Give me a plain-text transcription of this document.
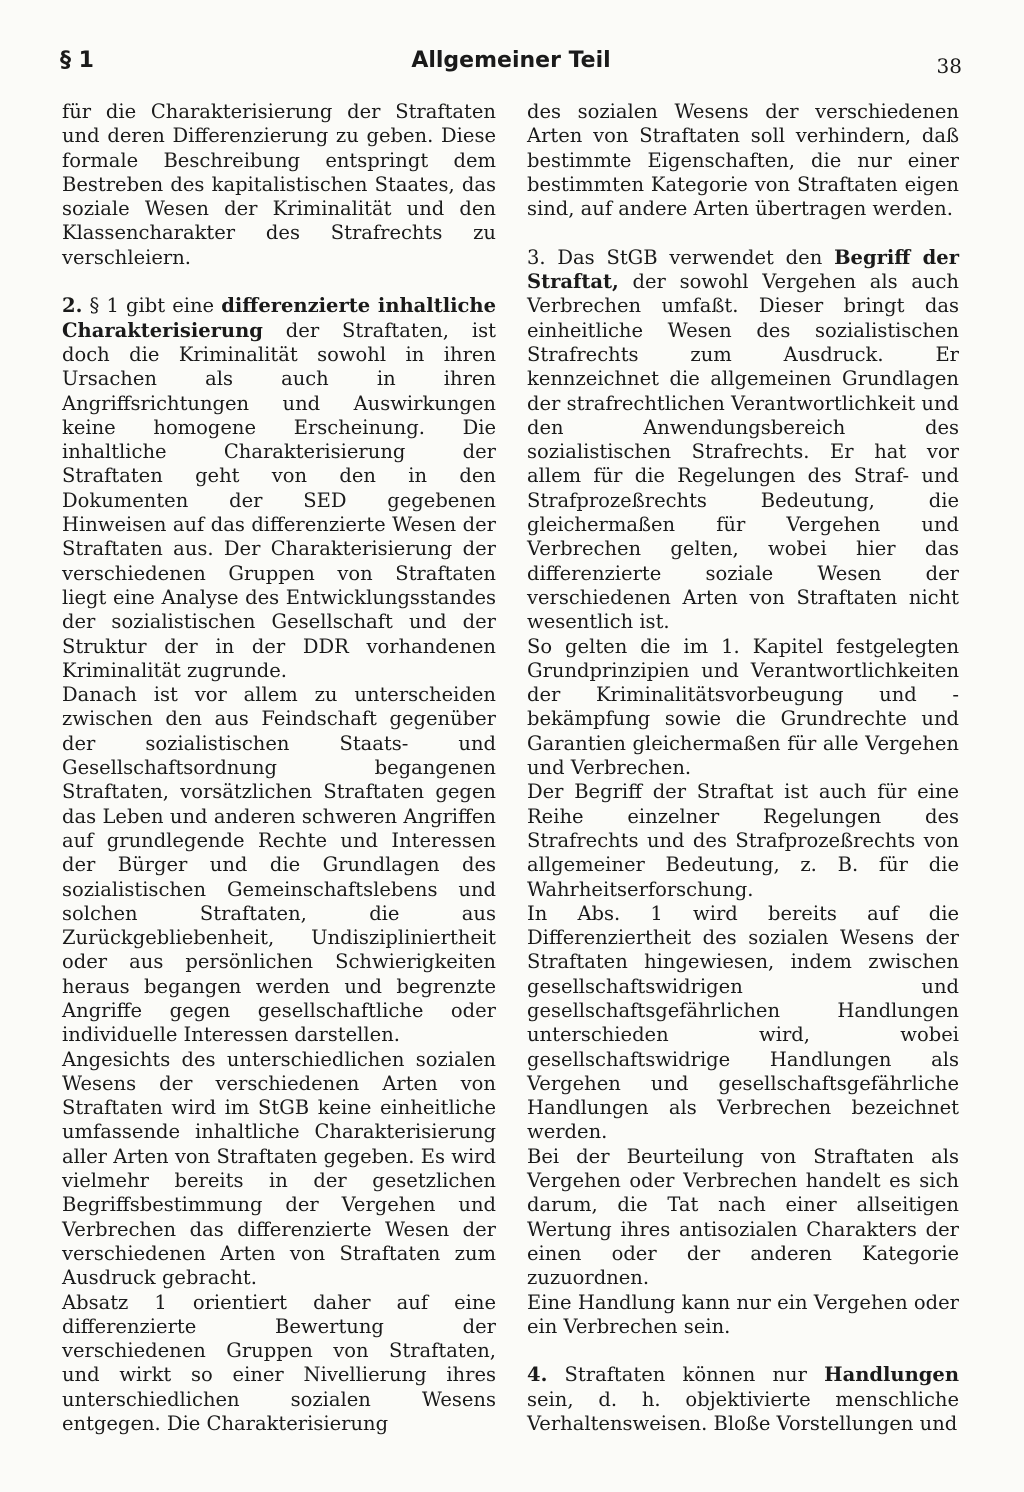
§ 1	Allgemeiner Teil	38

für die Charakterisierung der Straftaten und deren Differenzierung zu geben. Diese formale Beschreibung entspringt dem Bestreben des kapitalistischen Staates, das soziale Wesen der Kriminalität und den Klassencharakter des Strafrechts zu verschleiern.

2. § 1 gibt eine differenzierte inhaltliche Charakterisierung der Straftaten, ist doch die Kriminalität sowohl in ihren Ursachen als auch in ihren Angriffsrichtungen und Auswirkungen keine homogene Erscheinung. Die inhaltliche Charakterisierung der Straftaten geht von den in den Dokumenten der SED gegebenen Hinweisen auf das differenzierte Wesen der Straftaten aus. Der Charakterisierung der verschiedenen Gruppen von Straftaten liegt eine Analyse des Entwicklungsstandes der sozialistischen Gesellschaft und der Struktur der in der DDR vorhandenen Kriminalität zugrunde.

Danach ist vor allem zu unterscheiden zwischen den aus Feindschaft gegenüber der sozialistischen Staats- und Gesellschaftsordnung begangenen Straftaten, vorsätzlichen Straftaten gegen das Leben und anderen schweren Angriffen auf grundlegende Rechte und Interessen der Bürger und die Grundlagen des sozialistischen Gemeinschaftslebens und solchen Straftaten, die aus Zurückgebliebenheit, Undiszipliniertheit oder aus persönlichen Schwierigkeiten heraus begangen werden und begrenzte Angriffe gegen gesellschaftliche oder individuelle Interessen darstellen.

Angesichts des unterschiedlichen sozialen Wesens der verschiedenen Arten von Straftaten wird im StGB keine einheitliche umfassende inhaltliche Charakterisierung aller Arten von Straftaten gegeben. Es wird vielmehr bereits in der gesetzlichen Begriffsbestimmung der Vergehen und Verbrechen das differenzierte Wesen der verschiedenen Arten von Straftaten zum Ausdruck gebracht.

Absatz 1 orientiert daher auf eine differenzierte Bewertung der verschiedenen Gruppen von Straftaten, und wirkt so einer Nivellierung ihres unterschiedlichen sozialen Wesens entgegen. Die Charakterisierung

des sozialen Wesens der verschiedenen Arten von Straftaten soll verhindern, daß bestimmte Eigenschaften, die nur einer bestimmten Kategorie von Straftaten eigen sind, auf andere Arten übertragen werden.

3. Das StGB verwendet den Begriff der Straftat, der sowohl Vergehen als auch Verbrechen umfaßt. Dieser bringt das einheitliche Wesen des sozialistischen Strafrechts zum Ausdruck. Er kennzeichnet die allgemeinen Grundlagen der strafrechtlichen Verantwortlichkeit und den Anwendungsbereich des sozialistischen Strafrechts. Er hat vor allem für die Regelungen des Straf- und Strafprozeßrechts Bedeutung, die gleichermaßen für Vergehen und Verbrechen gelten, wobei hier das differenzierte soziale Wesen der verschiedenen Arten von Straftaten nicht wesentlich ist.

So gelten die im 1. Kapitel festgelegten Grundprinzipien und Verantwortlichkeiten der Kriminalitätsvorbeugung und -bekämpfung sowie die Grundrechte und Garantien gleichermaßen für alle Vergehen und Verbrechen.

Der Begriff der Straftat ist auch für eine Reihe einzelner Regelungen des Strafrechts und des Strafprozeßrechts von allgemeiner Bedeutung, z. B. für die Wahrheitserforschung.

In Abs. 1 wird bereits auf die Differenziertheit des sozialen Wesens der Straftaten hingewiesen, indem zwischen gesellschaftswidrigen und gesellschaftsgefährlichen Handlungen unterschieden wird, wobei gesellschaftswidrige Handlungen als Vergehen und gesellschaftsgefährliche Handlungen als Verbrechen bezeichnet werden.

Bei der Beurteilung von Straftaten als Vergehen oder Verbrechen handelt es sich darum, die Tat nach einer allseitigen Wertung ihres antisozialen Charakters der einen oder der anderen Kategorie zuzuordnen.

Eine Handlung kann nur ein Vergehen oder ein Verbrechen sein.

4. Straftaten können nur Handlungen sein, d. h. objektivierte menschliche Verhaltensweisen. Bloße Vorstellungen und
